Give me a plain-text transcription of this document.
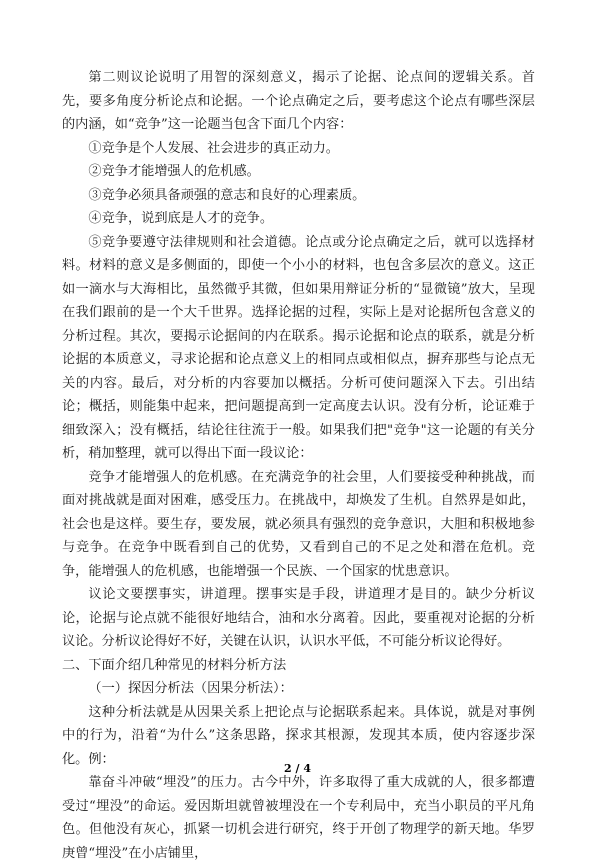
第二则议论说明了用智的深刻意义，揭示了论据、论点间的逻辑关系。首先，要多角度分析论点和论据。一个论点确定之后，要考虑这个论点有哪些深层的内涵，如“竞争”这一论题当包含下面几个内容：

①竞争是个人发展、社会进步的真正动力。

②竞争才能增强人的危机感。

③竞争必须具备顽强的意志和良好的心理素质。

④竞争，说到底是人才的竞争。

⑤竞争要遵守法律规则和社会道德。论点或分论点确定之后，就可以选择材料。材料的意义是多侧面的，即使一个小小的材料，也包含多层次的意义。这正如一滴水与大海相比，虽然微乎其微，但如果用辩证分析的“显微镜”放大，呈现在我们跟前的是一个大千世界。选择论据的过程，实际上是对论据所包含意义的分析过程。其次，要揭示论据间的内在联系。揭示论据和论点的联系，就是分析论据的本质意义，寻求论据和论点意义上的相同点或相似点，摒弃那些与论点无关的内容。最后，对分析的内容要加以概括。分析可使问题深入下去。引出结论；概括，则能集中起来，把问题提高到一定高度去认识。没有分析，论证难于细致深入；没有概括，结论往往流于一般。如果我们把"竞争"这一论题的有关分析，稍加整理，就可以得出下面一段议论：

竞争才能增强人的危机感。在充满竞争的社会里，人们要接受种种挑战，而面对挑战就是面对困难，感受压力。在挑战中，却焕发了生机。自然界是如此，社会也是这样。要生存，要发展，就必须具有强烈的竞争意识，大胆和积极地参与竞争。在竞争中既看到自己的优势，又看到自己的不足之处和潜在危机。竞争，能增强人的危机感，也能增强一个民族、一个国家的忧患意识。

议论文要摆事实，讲道理。摆事实是手段，讲道理才是目的。缺少分析议论，论据与论点就不能很好地结合，油和水分离着。因此，要重视对论据的分析议论。分析议论得好不好，关键在认识，认识水平低，不可能分析议论得好。

二、下面介绍几种常见的材料分析方法

（一）探因分析法（因果分析法）：

这种分析法就是从因果关系上把论点与论据联系起来。具体说，就是对事例中的行为，沿着“为什么”这条思路，探求其根源，发现其本质，使内容逐步深化。例：

靠奋斗冲破“埋没”的压力。古今中外，许多取得了重大成就的人，很多都遭受过“埋没”的命运。爱因斯坦就曾被埋没在一个专利局中，充当小职员的平凡角色。但他没有灰心，抓紧一切机会进行研究，终于开创了物理学的新天地。华罗庚曾“埋没”在小店铺里，

2 / 4
